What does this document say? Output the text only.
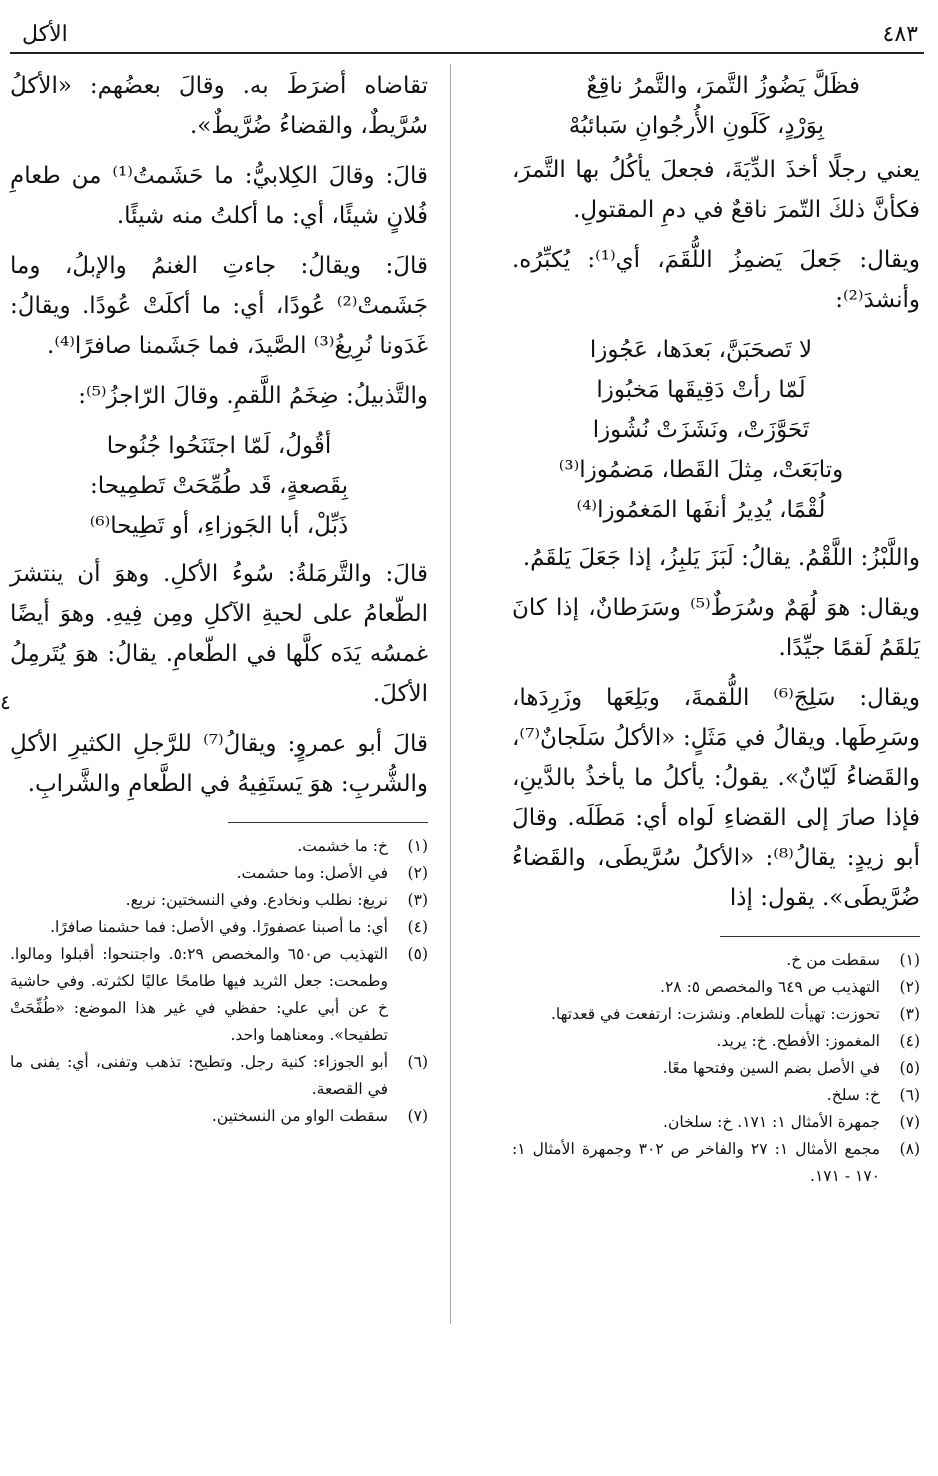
٤٨٣
الأكل
٤
فظَلَّ يَضُوزُ التَّمرَ، والتَّمرُ ناقِعٌ
بِوَرْدٍ، كَلَونِ الأُرجُوانِ سَبائبُهْ

يعني رجلًا أخذَ الدِّيَةَ، فجعلَ يأكُلُ بها التَّمرَ، فكأنَّ ذلكَ التّمرَ ناقعٌ في دمِ المقتولِ.

ويقال: جَعلَ يَضمِزُ اللُّقَمَ، أي⁽¹⁾: يُكبِّرُه. وأنشدَ⁽²⁾:

لا تَصحَبَنَّ، بَعدَها، عَجُوزا
لَمّا رأتْ دَقِيقَها مَخبُوزا
تَحَوَّزَتْ، ونَشَزَتْ نُشُوزا
وتابَعَتْ، مِثلَ القَطا، مَضمُوزا⁽³⁾
لُقْمًا، يُدِيرُ أنفَها المَغمُوزا⁽⁴⁾

واللَّبْزُ: اللَّقْمُ. يقالُ: لَبَزَ يَلبِزُ، إذا جَعَلَ يَلقَمُ.

ويقال: هوَ لُهَمٌ وسُرَطٌ⁽⁵⁾ وسَرَطانٌ، إذا كانَ يَلقَمُ لَقمًا جيِّدًا.

ويقال: سَلِجَ⁽⁶⁾ اللُّقمةَ، وبَلِعَها وزَرِدَها، وسَرِطَها. ويقالُ في مَثَلٍ: «الأكلُ سَلَجانٌ⁽⁷⁾، والقَضاءُ لَيّانٌ». يقولُ: يأكلُ ما يأخذُ بالدَّينِ، فإذا صارَ إلى القضاءِ لَواه أي: مَطَلَه. وقالَ أبو زيدٍ: يقالُ⁽⁸⁾: «الأكلُ سُرَّيطَى، والقَضاءُ ضُرَّيطَى». يقول: إذا

(١)
سقطت من خ.
(٢)
التهذيب ص ٦٤٩ والمخصص ٥: ٢٨.
(٣)
تحوزت: تهيأت للطعام. ونشزت: ارتفعت في قعدتها.
(٤)
المغموز: الأفطح. خ: يريد.
(٥)
في الأصل بضم السين وفتحها معًا.
(٦)
خ: سلخ.
(٧)
جمهرة الأمثال ١: ١٧١. خ: سلخان.
(٨)
مجمع الأمثال ١: ٢٧ والفاخر ص ٣٠٢ وجمهرة الأمثال ١: ١٧٠ - ١٧١.

تقاضاه أضرَطَ به. وقالَ بعضُهم: «الأكلُ سُرَّيطٌ، والقضاءُ ضُرَّيطٌ».

قالَ: وقالَ الكِلابيُّ: ما حَشَمتُ⁽¹⁾ من طعامِ فُلانٍ شيئًا، أي: ما أكلتُ منه شيئًا.

قالَ: ويقالُ: جاءتِ الغنمُ والإبلُ، وما جَشَمتْ⁽²⁾ عُودًا، أي: ما أكلَتْ عُودًا. ويقالُ: غَدَونا نُرِيغُ⁽³⁾ الصَّيدَ، فما جَشَمنا صافرًا⁽⁴⁾.

والتَّذبيلُ: ضِخَمُ اللَّقمِ. وقالَ الرّاجزُ⁽⁵⁾:

أقُولُ، لَمّا اجتَنَحُوا جُنُوحا
بِقَصعةٍ، قَد طُمِّحَتْ تَطمِيحا:
ذَبِّلْ، أبا الجَوزاءِ، أو تَطِيحا⁽⁶⁾

قالَ: والتَّرمَلةُ: سُوءُ الأكلِ. وهوَ أن ينتشرَ الطّعامُ على لحيةِ الآكلِ ومِن فِيهِ. وهوَ أيضًا غمسُه يَدَه كلَّها في الطّعامِ. يقالُ: هوَ يُتَرمِلُ الأكلَ.

قالَ أبو عمروٍ: ويقالُ⁽⁷⁾ للرَّجلِ الكثيرِ الأكلِ والشُّربِ: هوَ يَستَفِيهُ في الطَّعامِ والشَّرابِ.

(١)
خ: ما خشمت.
(٢)
في الأصل: وما حشمت.
(٣)
نريغ: نطلب ونخادع. وفي النسختين: نريع.
(٤)
أي: ما أصبنا عصفورًا. وفي الأصل: فما حشمنا صافرًا.
(٥)
التهذيب ص٦٥٠ والمخصص ٥:٢٩. واجتنحوا: أقبلوا ومالوا. وطمحت: جعل الثريد فيها طامحًا عاليًا لكثرته. وفي حاشية خ عن أبي علي: حفظي في غير هذا الموضع: «طُفِّحَتْ تطفيحا». ومعناهما واحد.
(٦)
أبو الجوزاء: كنية رجل. وتطيح: تذهب وتفنى، أي: يفنى ما في القصعة.
(٧)
سقطت الواو من النسختين.
